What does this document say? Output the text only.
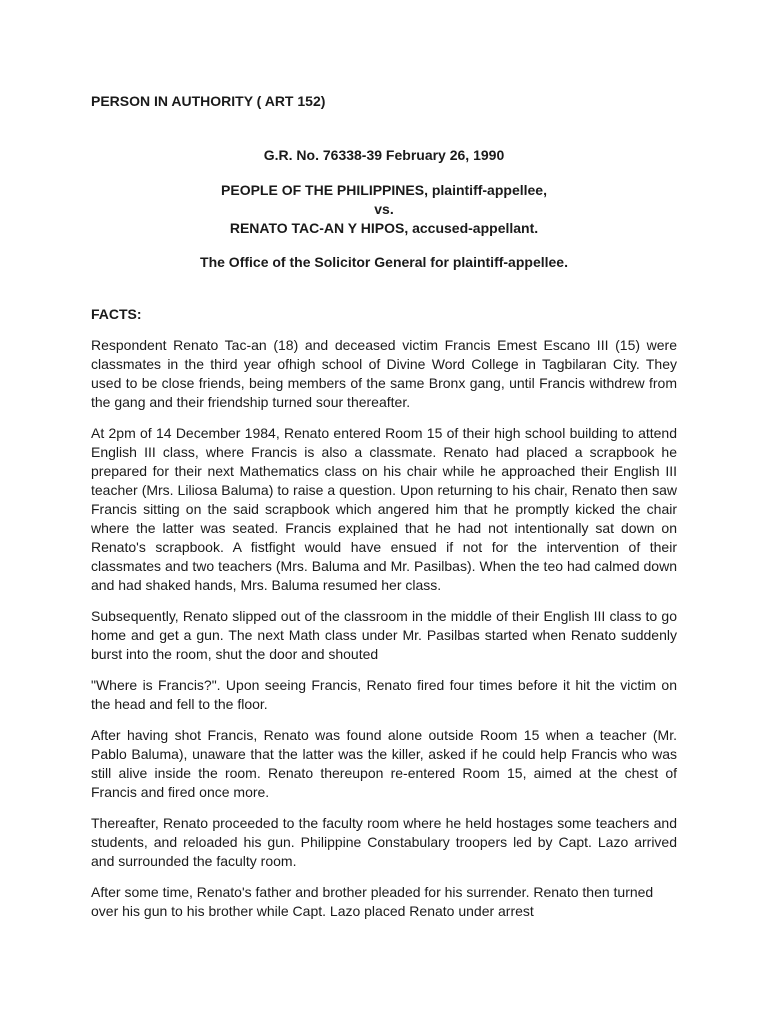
PERSON IN AUTHORITY ( ART 152)

G.R. No. 76338-39 February 26, 1990

PEOPLE OF THE PHILIPPINES, plaintiff-appellee,
vs.
RENATO TAC-AN Y HIPOS, accused-appellant.

The Office of the Solicitor General for plaintiff-appellee.

FACTS:

Respondent Renato Tac-an (18) and deceased victim Francis Emest Escano III (15) were classmates in the third year ofhigh school of Divine Word College in Tagbilaran City. They used to be close friends, being members of the same Bronx gang, until Francis withdrew from the gang and their friendship turned sour thereafter.

At 2pm of 14 December 1984, Renato entered Room 15 of their high school building to attend English III class, where Francis is also a classmate. Renato had placed a scrapbook he prepared for their next Mathematics class on his chair while he approached their English III teacher (Mrs. Liliosa Baluma) to raise a question. Upon returning to his chair, Renato then saw Francis sitting on the said scrapbook which angered him that he promptly kicked the chair where the latter was seated. Francis explained that he had not intentionally sat down on Renato's scrapbook. A fistfight would have ensued if not for the intervention of their classmates and two teachers (Mrs. Baluma and Mr. Pasilbas). When the teo had calmed down and had shaked hands, Mrs. Baluma resumed her class.

Subsequently, Renato slipped out of the classroom in the middle of their English III class to go home and get a gun. The next Math class under Mr. Pasilbas started when Renato suddenly burst into the room, shut the door and shouted

"Where is Francis?". Upon seeing Francis, Renato fired four times before it hit the victim on the head and fell to the floor.

After having shot Francis, Renato was found alone outside Room 15 when a teacher (Mr. Pablo Baluma), unaware that the latter was the killer, asked if he could help Francis who was still alive inside the room. Renato thereupon re-entered Room 15, aimed at the chest of Francis and fired once more.

Thereafter, Renato proceeded to the faculty room where he held hostages some teachers and students, and reloaded his gun. Philippine Constabulary troopers led by Capt. Lazo arrived and surrounded the faculty room.

After some time, Renato's father and brother pleaded for his surrender. Renato then turned over his gun to his brother while Capt. Lazo placed Renato under arrest
